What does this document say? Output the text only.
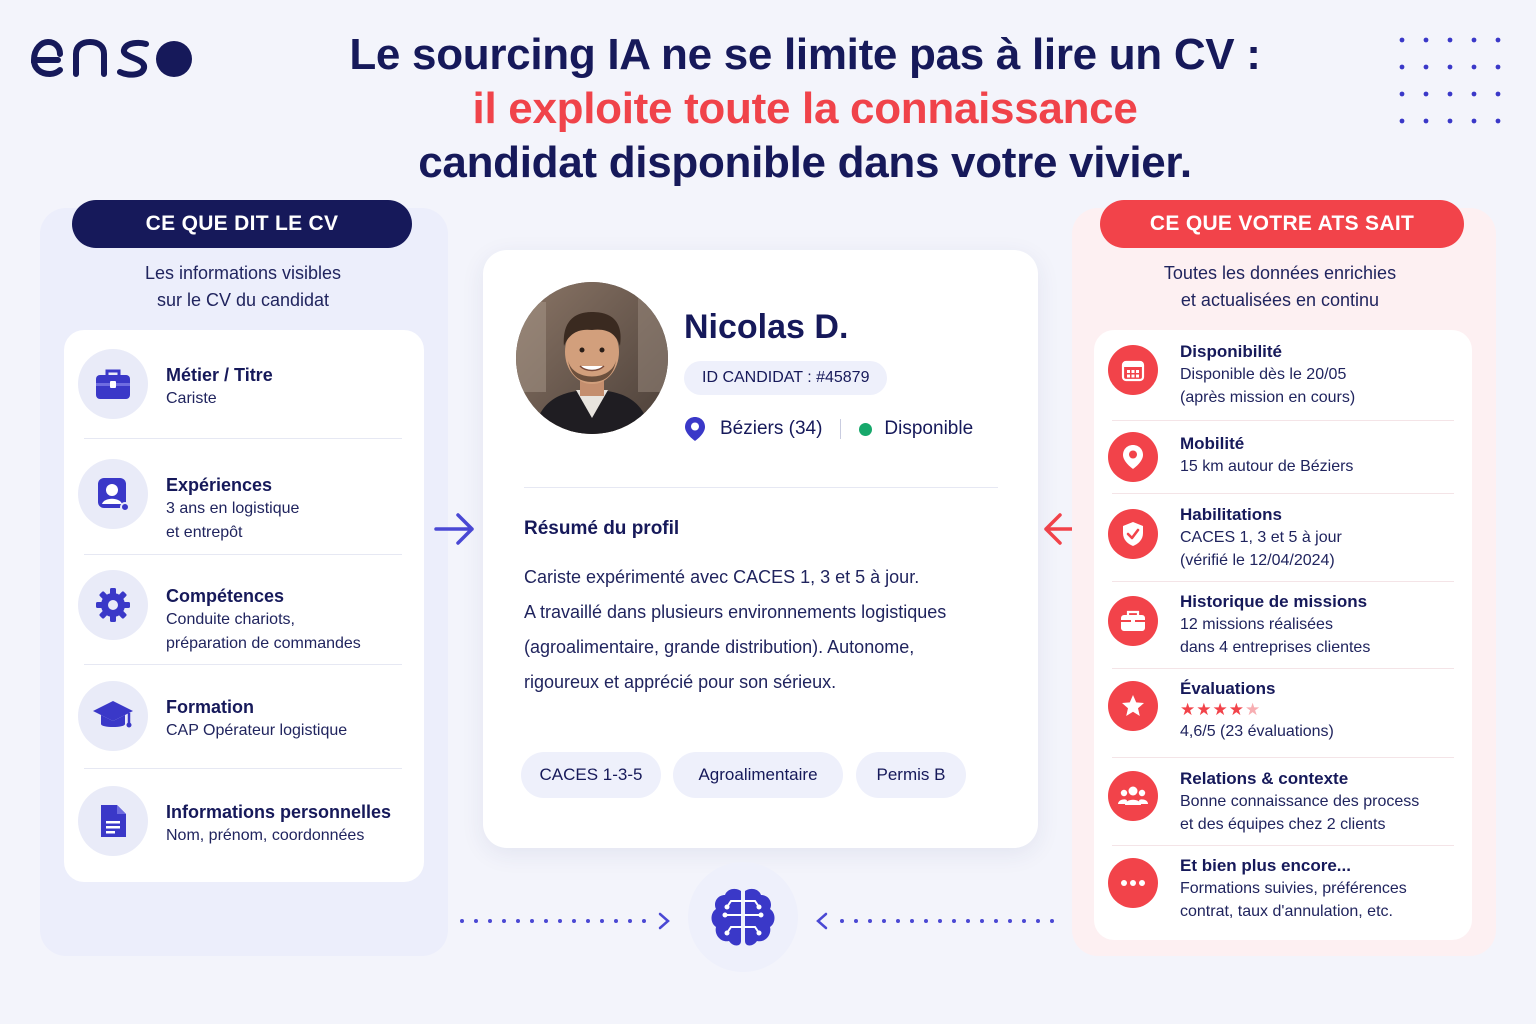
Le sourcing IA ne se limite pas à lire un CV :
il exploite toute la connaissance
candidat disponible dans votre vivier.
CE QUE DIT LE CV
Les informations visibles
sur le CV du candidat
Métier / Titre
Cariste
Expériences
3 ans en logistique
et entrepôt
Compétences
Conduite chariots,
préparation de commandes
Formation
CAP Opérateur logistique
Informations personnelles
Nom, prénom, coordonnées
Nicolas D.
ID CANDIDAT : #45879
Béziers (34)	Disponible
Résumé du profil
Cariste expérimenté avec CACES 1, 3 et 5 à jour.
A travaillé dans plusieurs environnements logistiques
(agroalimentaire, grande distribution). Autonome,
rigoureux et apprécié pour son sérieux.
CACES 1-3-5	Agroalimentaire	Permis B
CE QUE VOTRE ATS SAIT
Toutes les données enrichies
et actualisées en continu
Disponibilité
Disponible dès le 20/05
(après mission en cours)
Mobilité
15 km autour de Béziers
Habilitations
CACES 1, 3 et 5 à jour
(vérifié le 12/04/2024)
Historique de missions
12 missions réalisées
dans 4 entreprises clientes
Évaluations
★★★★★
4,6/5 (23 évaluations)
Relations & contexte
Bonne connaissance des process
et des équipes chez 2 clients
Et bien plus encore...
Formations suivies, préférences
contrat, taux d'annulation, etc.
